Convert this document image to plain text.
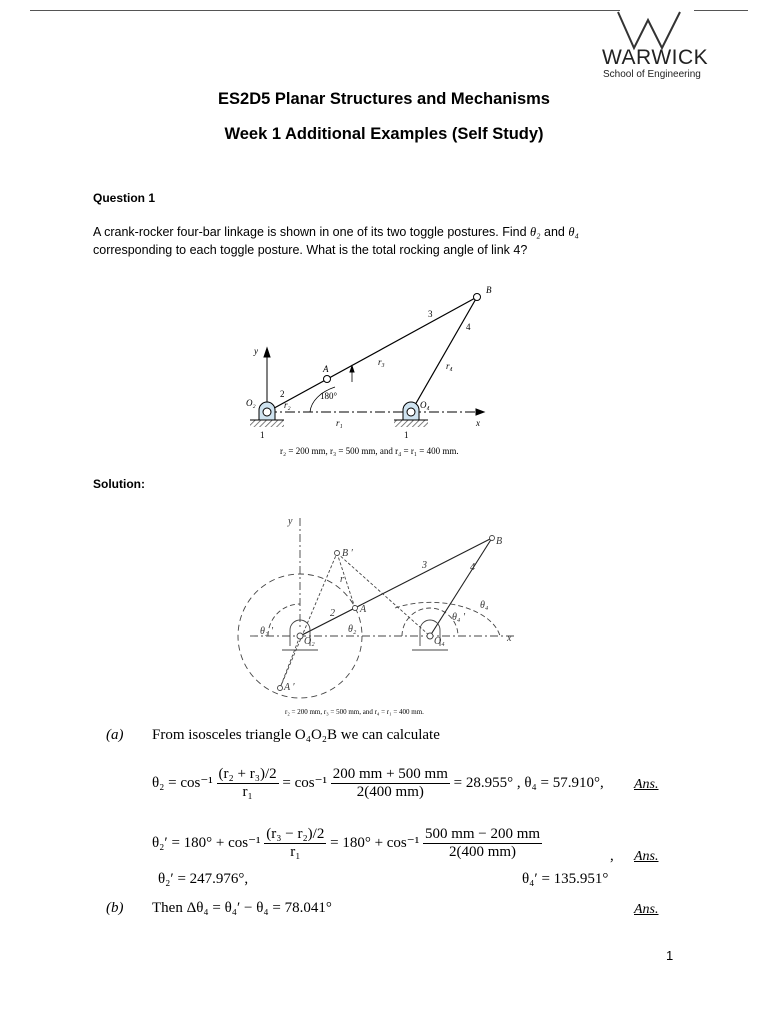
WARWICK
School of Engineering
ES2D5 Planar Structures and Mechanisms
Week 1 Additional Examples (Self Study)
Question 1
A crank-rocker four-bar linkage is shown in one of its two toggle postures. Find θ₂ and θ₄
corresponding to each toggle posture. What is the total rocking angle of link 4?
B
A
O₂	O₄
y
x
r₃	r₄
r₂
r₁
3
4
2	180°
1	1
r₂ = 200 mm, r₃ = 500 mm, and r₄ = r₁ = 400 mm.
Solution:
y
B
B ′
A
A ′
O₂	O₄
3	4
2
θ₂
θ₄
θ₂ ′
θ₄ ′
r
x
r₂ = 200 mm, r₃ = 500 mm, and r₄ = r₁ = 400 mm.
(a) From isosceles triangle O₄O₂B we can calculate
$\theta_2 = \cos^{-1} \frac{\text{(r₂ + r₃)/2}}{\text{r₁}} = \cos^{-1} \frac{200 mm + 500 mm}{2(400 mm)} = 28.955^\circ$ , θ₄ = 57.910°, Ans.
$\theta_2' = 180^\circ + \cos^{-1} \frac{\text{(r₃ − r₂)/2}}{\text{r₁}} = 180^\circ + \cos^{-1} \frac{500 mm - 200 mm}{2(400 mm)}$	, Ans.
θ₂′ = 247.976°,	θ₄′ = 135.951°
(b) Then Δθ₄ = θ₄′ − θ₄ = 78.041°	Ans.
1
